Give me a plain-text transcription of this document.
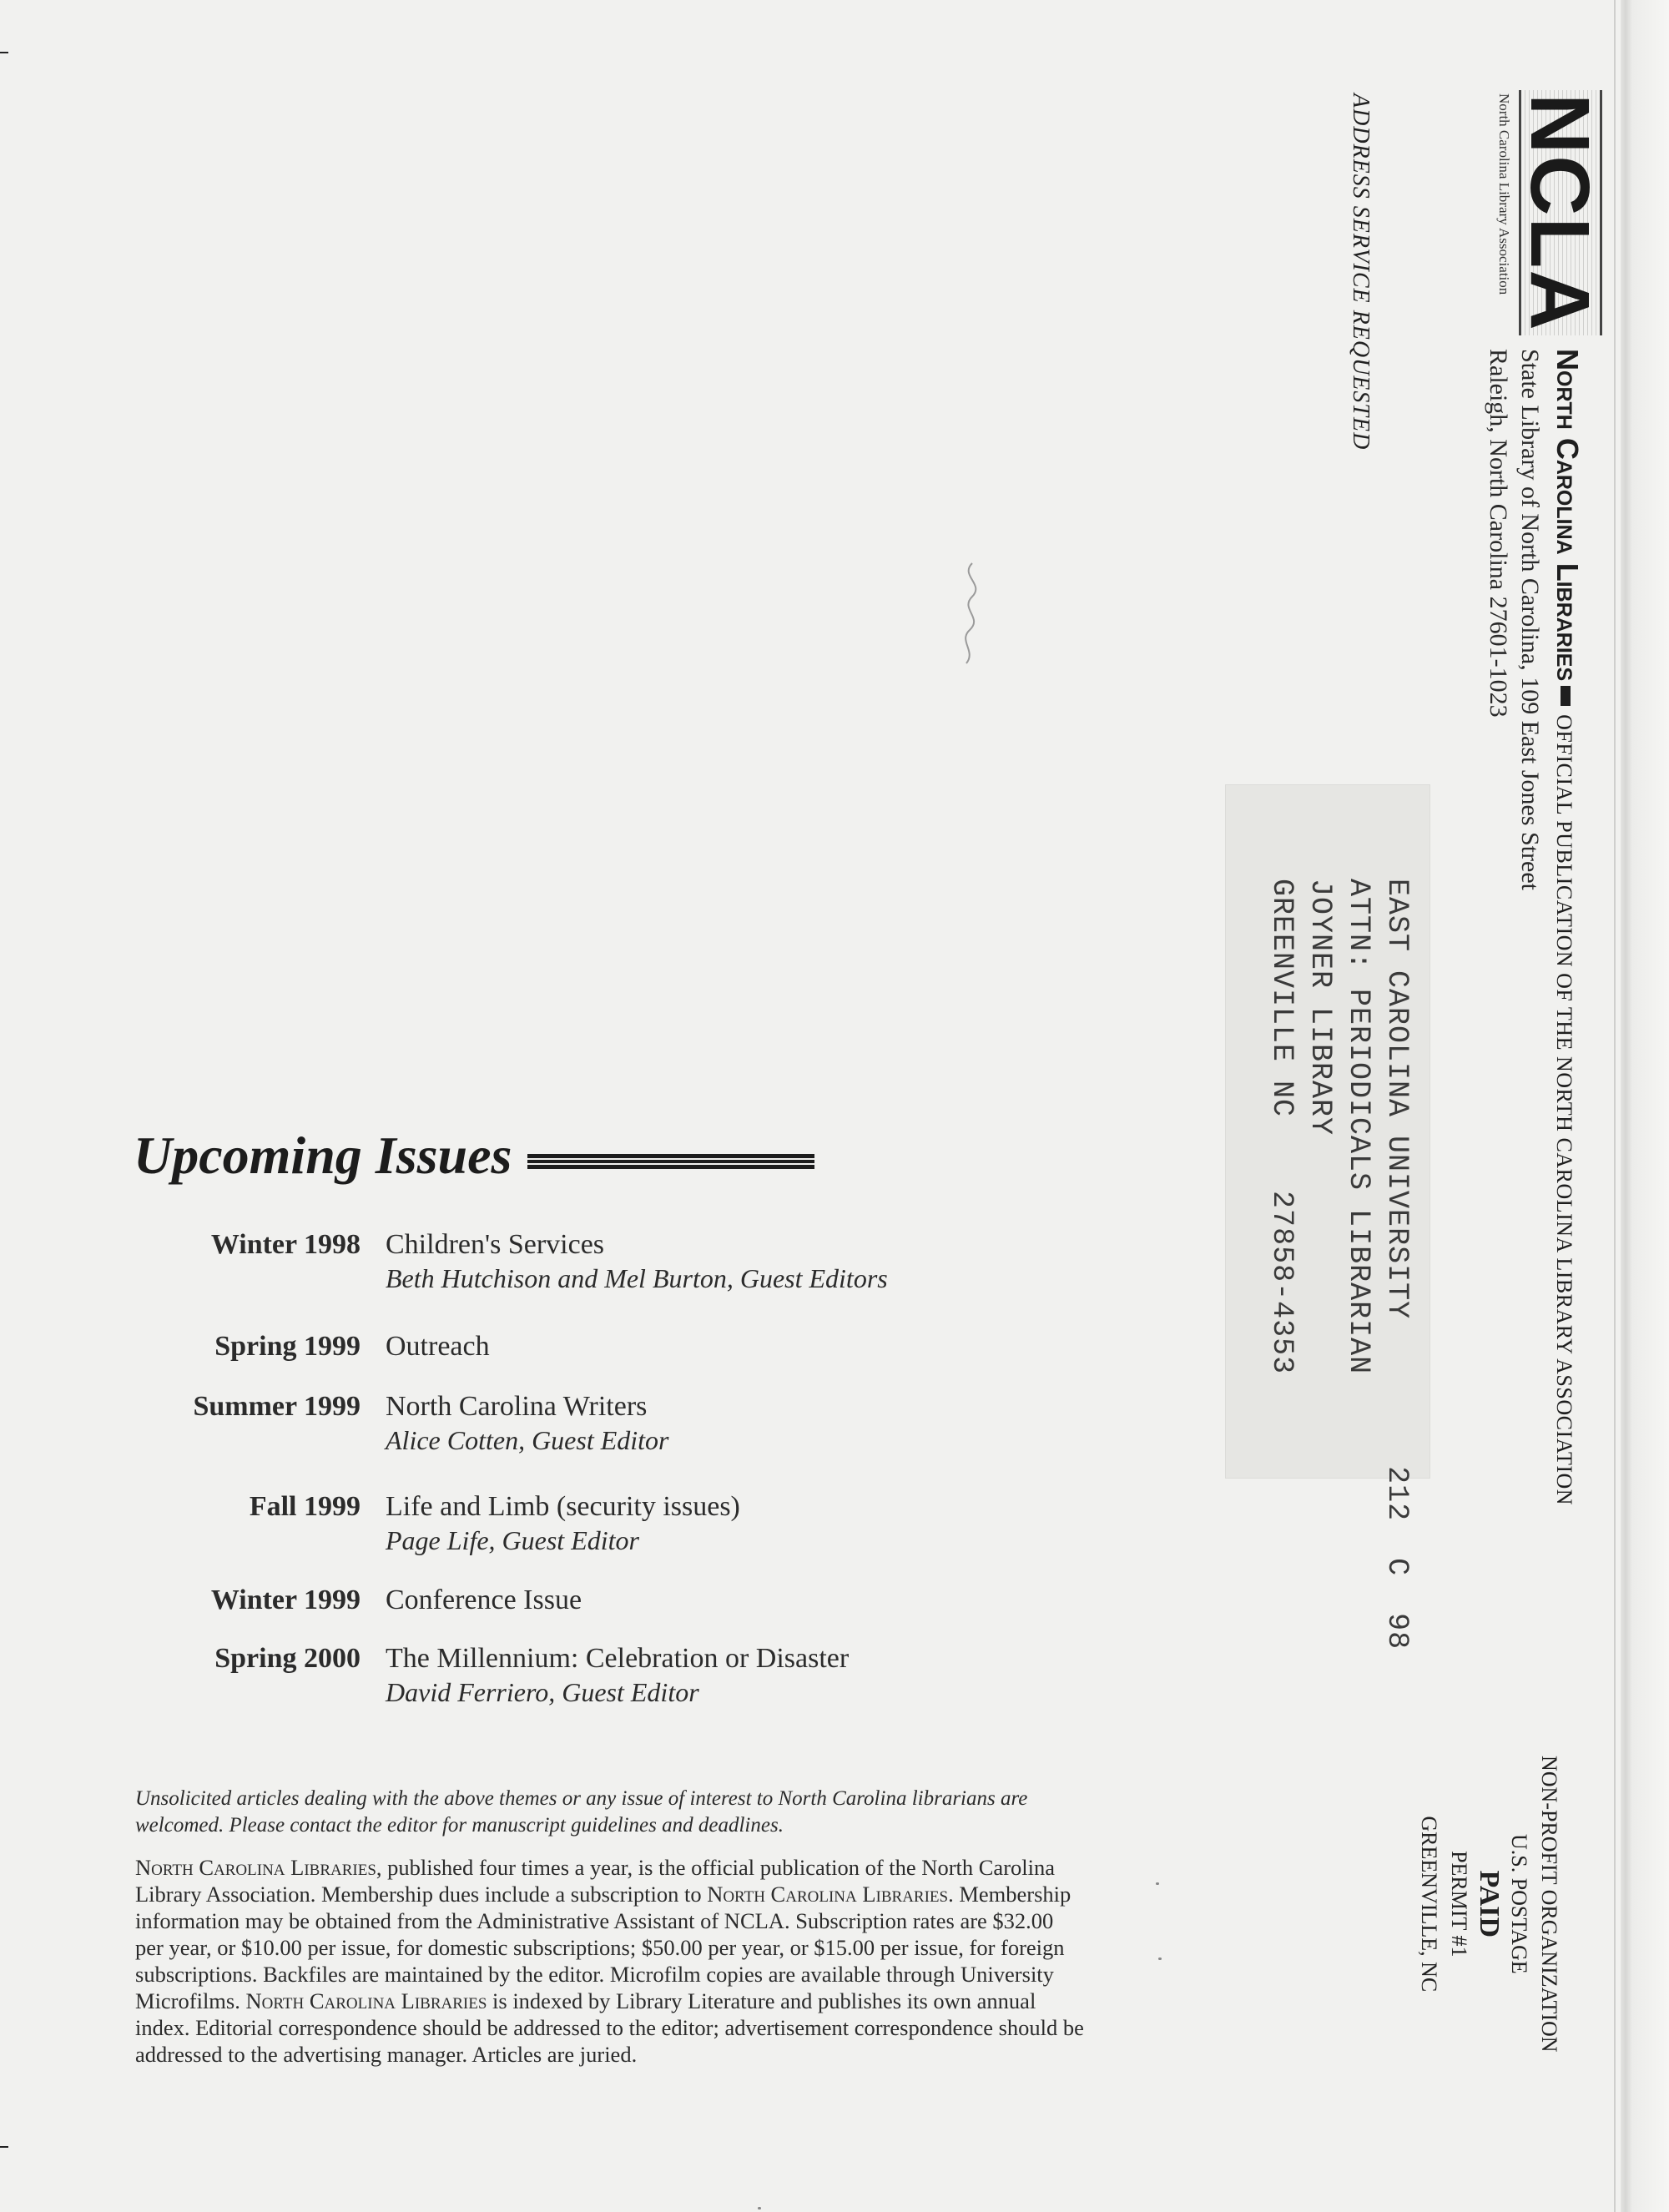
NCLA
North Carolina Library Association
North Carolina LibrariesOFFICIAL PUBLICATION OF THE NORTH CAROLINA LIBRARY ASSOCIATION
State Library of North Carolina, 109 East Jones Street
Raleigh, North Carolina 27601-1023
ADDRESS SERVICE REQUESTED
EAST CAROLINA UNIVERSITY        212  C  98
ATTN: PERIODICALS LIBRARIAN
JOYNER LIBRARY
GREENVILLE NC    27858-4353
NON-PROFIT ORGANIZATION
U.S. POSTAGE
PAID
PERMIT #1
GREENVILLE, NC
Upcoming Issues
Winter 1998 Children's Services
Beth Hutchison and Mel Burton, Guest Editors
Spring 1999 Outreach
Summer 1999 North Carolina Writers
Alice Cotten, Guest Editor
Fall 1999 Life and Limb (security issues)
Page Life, Guest Editor
Winter 1999 Conference Issue
Spring 2000 The Millennium: Celebration or Disaster
David Ferriero, Guest Editor

Unsolicited articles dealing with the above themes or any issue of interest to North Carolina librarians are welcomed. Please contact the editor for manuscript guidelines and deadlines.

North Carolina Libraries, published four times a year, is the official publication of the North Carolina Library Association. Membership dues include a subscription to North Carolina Libraries. Membership information may be obtained from the Administrative Assistant of NCLA. Subscription rates are $32.00 per year, or $10.00 per issue, for domestic subscriptions; $50.00 per year, or $15.00 per issue, for foreign subscriptions. Backfiles are maintained by the editor. Microfilm copies are available through University Microfilms. North Carolina Libraries is indexed by Library Literature and publishes its own annual index. Editorial correspondence should be addressed to the editor; advertisement correspondence should be addressed to the advertising manager. Articles are juried.
